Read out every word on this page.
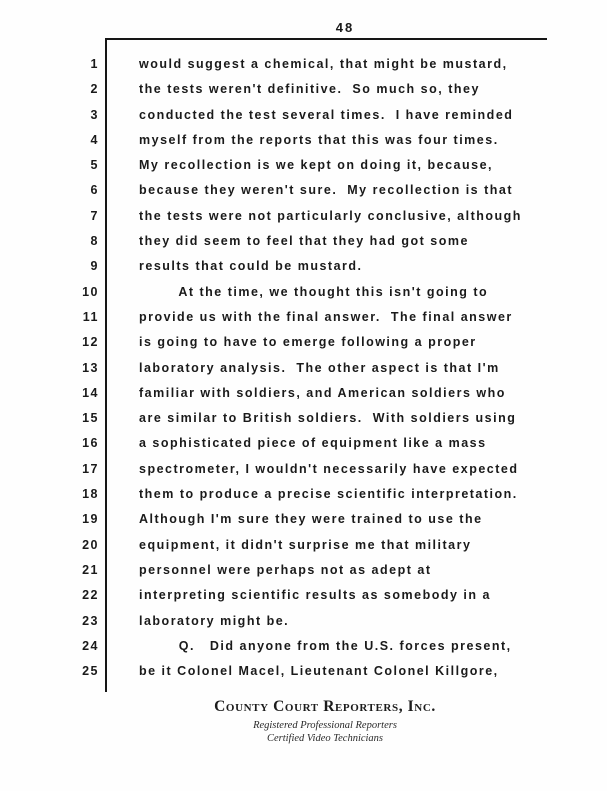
48
1	would suggest a chemical, that might be mustard,
2	the tests weren't definitive.  So much so, they
3	conducted the test several times.  I have reminded
4	myself from the reports that this was four times.
5	My recollection is we kept on doing it, because,
6	because they weren't sure.  My recollection is that
7	the tests were not particularly conclusive, although
8	they did seem to feel that they had got some
9	results that could be mustard.
10	At the time, we thought this isn't going to
11	provide us with the final answer.  The final answer
12	is going to have to emerge following a proper
13	laboratory analysis.  The other aspect is that I'm
14	familiar with soldiers, and American soldiers who
15	are similar to British soldiers.  With soldiers using
16	a sophisticated piece of equipment like a mass
17	spectrometer, I wouldn't necessarily have expected
18	them to produce a precise scientific interpretation.
19	Although I'm sure they were trained to use the
20	equipment, it didn't surprise me that military
21	personnel were perhaps not as adept at
22	interpreting scientific results as somebody in a
23	laboratory might be.
24	Q.   Did anyone from the U.S. forces present,
25	be it Colonel Macel, Lieutenant Colonel Killgore,
County Court Reporters, Inc.
Registered Professional Reporters
Certified Video Technicians
